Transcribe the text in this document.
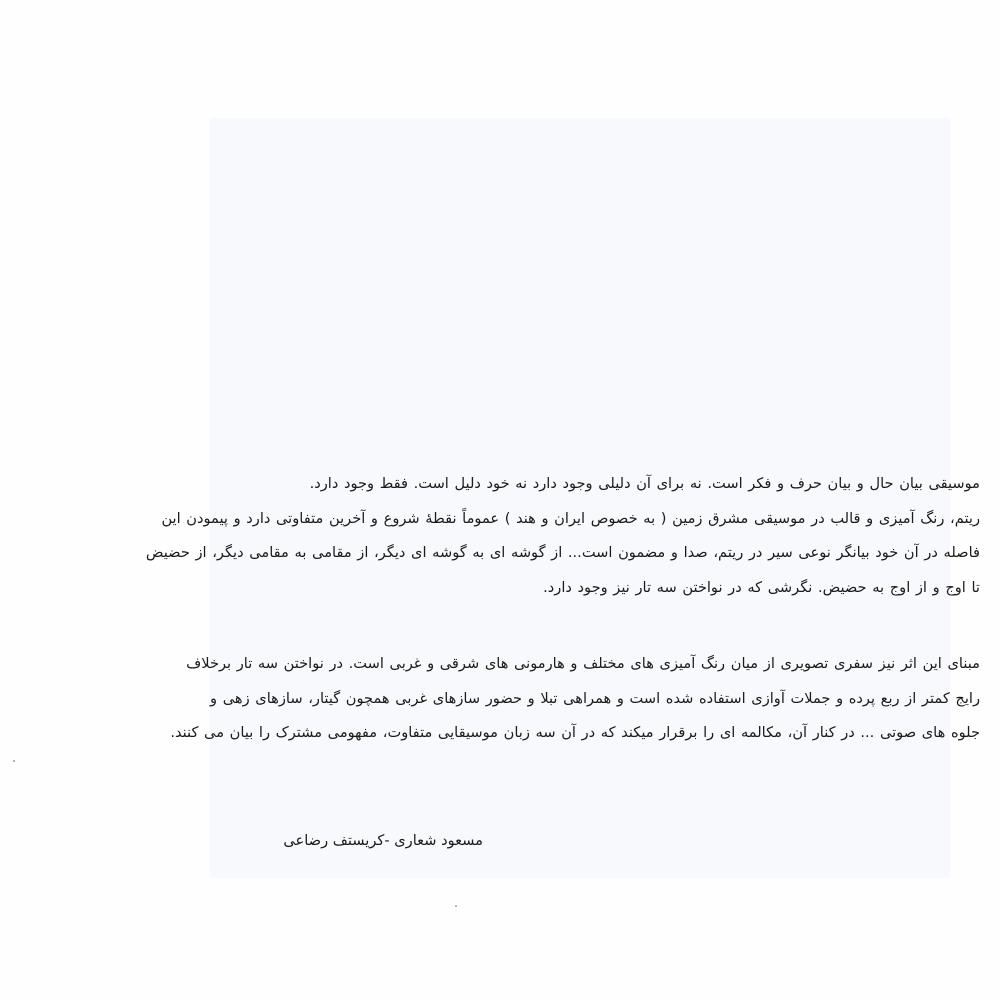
موسیقی بیان حال و بیان حرف و فکر است. نه برای آن دلیلی وجود دارد نه خود دلیل است. فقط وجود دارد.
ریتم، رنگ آمیزی و قالب در موسیقی مشرق زمین ( به خصوص ایران و هند ) عموماً نقطهٔ شروع و آخرین متفاوتی دارد و پیمودن این
فاصله در آن خود بیانگر نوعی سیر در ریتم، صدا و مضمون است... از گوشه ای به گوشه ای دیگر، از مقامی به مقامی دیگر، از حضیض
تا اوج و از اوج به حضیض. نگرشی که در نواختن سه تار نیز وجود دارد.
مبنای این اثر نیز سفری تصویری از میان رنگ آمیزی های مختلف و هارمونی های شرقی و غربی است. در نواختن سه تار برخلاف
رایج کمتر از ربع پرده و جملات آوازی استفاده شده است و همراهی تبلا و حضور سازهای غربی همچون گیتار، سازهای زهی و
جلوه های صوتی ... در کنار آن، مکالمه ای را برقرار میکند که در آن سه زبان موسیقایی متفاوت، مفهومی مشترک را بیان می کنند.
مسعود شعاری -کریستف رضاعی
